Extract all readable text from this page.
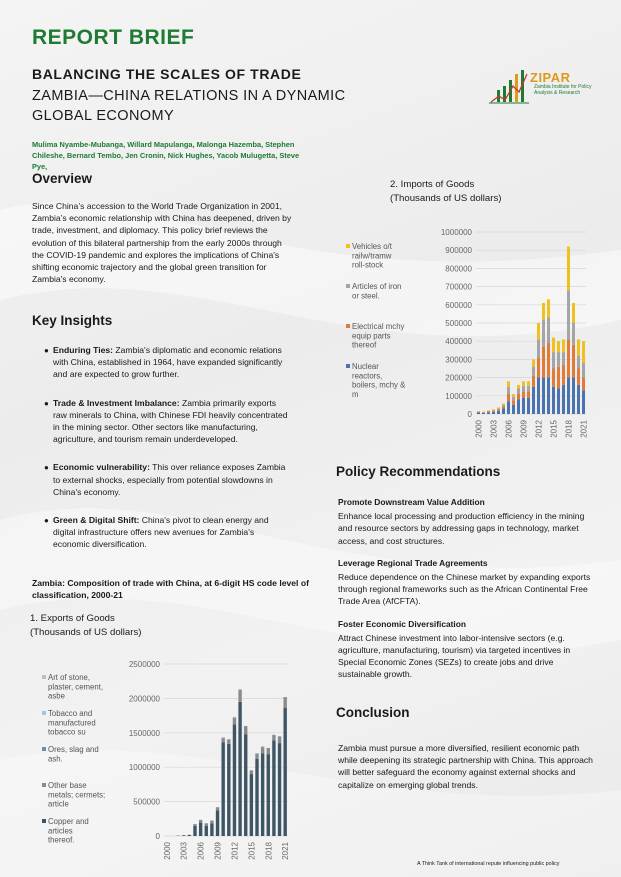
REPORT BRIEF
BALANCING THE SCALES OF TRADE
ZAMBIA—CHINA RELATIONS IN A DYNAMIC GLOBAL ECONOMY
Mulima Nyambe-Mubanga, Willard Mapulanga, Malonga Hazemba, Stephen Chileshe, Bernard Tembo, Jen Cronin, Nick Hughes, Yacob Mulugetta, Steve Pye,
ZIPAR
Zambia Institute for Policy Analysis & Research
Overview
Since China’s accession to the World Trade Organization in 2001, Zambia’s economic relationship with China has deepened, driven by trade, investment, and diplomacy. This policy brief reviews the evolution of this bilateral partnership from the early 2000s through the COVID-19 pandemic and explores the implications of China's shifting economic trajectory and the global green transition for Zambia's economy.
Key Insights
● Enduring Ties: Zambia's diplomatic and economic relations with China, established in 1964, have expanded significantly and are expected to grow further.
● Trade & Investment Imbalance: Zambia primarily exports raw minerals to China, with Chinese FDI heavily concentrated in the mining sector. Other sectors like manufacturing, agriculture, and tourism remain underdeveloped.
● Economic vulnerability: This over reliance exposes Zambia to external shocks, especially from potential slowdowns in China's economy.
● Green & Digital Shift: China's pivot to clean energy and digital infrastructure offers new avenues for Zambia's economic diversification.
Zambia: Composition of trade with China, at 6-digit HS code level of classification, 2000-21
1. Exports of Goods
(Thousands of US dollars)
0
500000
1000000
1500000
2000000
2500000
2000 2003 2006 2009 2012 2015 2018 2021
Art of stone, plaster, cement, asbe
Tobacco and manufactured tobacco su
Ores, slag and ash.
Other base metals; cermets; article
Copper and articles thereof.
2. Imports of Goods
(Thousands of US dollars)
0
100000
200000
300000
400000
500000
600000
700000
800000
900000
1000000
2000 2003 2006 2009 2012 2015 2018 2021
Vehicles o/t railw/tramw roll-stock
Articles of iron or steel.
Electrical mchy equip parts thereof
Nuclear reactors, boilers, mchy & m
Policy Recommendations
Promote Downstream Value Addition
Enhance local processing and production efficiency in the mining and resource sectors by addressing gaps in technology, market access, and cost structures.
Leverage Regional Trade Agreements
Reduce dependence on the Chinese market by expanding exports through regional frameworks such as the African Continental Free Trade Area (AfCFTA).
Foster Economic Diversification
Attract Chinese investment into labor-intensive sectors (e.g. agriculture, manufacturing, tourism) via targeted incentives in Special Economic Zones (SEZs) to create jobs and drive sustainable growth.
Conclusion
Zambia must pursue a more diversified, resilient economic path while deepening its strategic partnership with China. This approach will better safeguard the economy against external shocks and capitalize on emerging global trends.
A Think Tank of international repute influencing public policy
